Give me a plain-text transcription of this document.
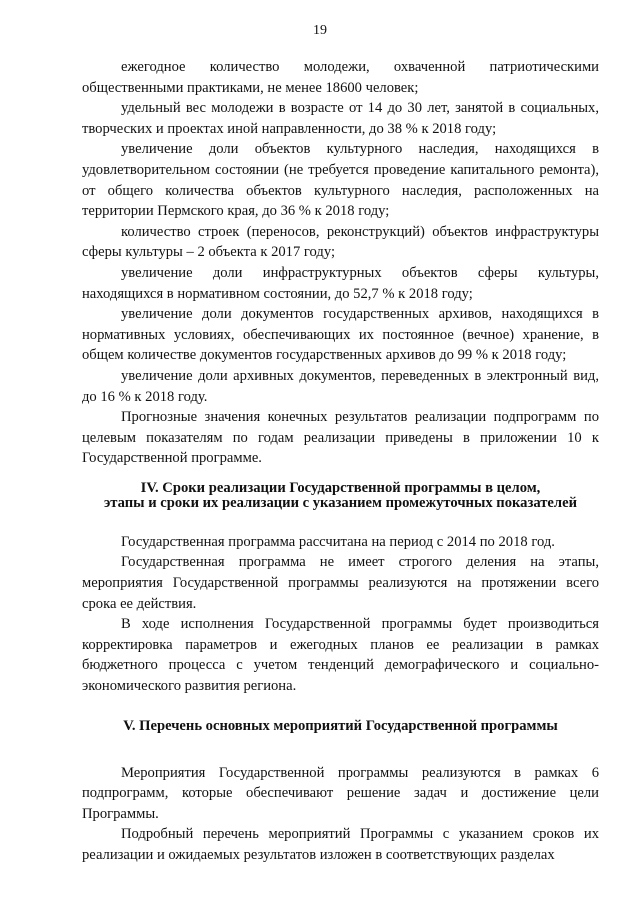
19

ежегодное количество молодежи, охваченной патриотическими общественными практиками, не менее 18600 человек;

удельный вес молодежи в возрасте от 14 до 30 лет, занятой в социальных, творческих и проектах иной направленности, до 38 % к 2018 году;

увеличение доли объектов культурного наследия, находящихся в удовлетворительном состоянии (не требуется проведение капитального ремонта), от общего количества объектов культурного наследия, расположенных на территории Пермского края, до 36 % к 2018 году;

количество строек (переносов, реконструкций) объектов инфраструктуры сферы культуры – 2 объекта к 2017 году;

увеличение доли инфраструктурных объектов сферы культуры, находящихся в нормативном состоянии, до 52,7 % к 2018 году;

увеличение доли документов государственных архивов, находящихся в нормативных условиях, обеспечивающих их постоянное (вечное) хранение, в общем количестве документов государственных архивов до 99 % к 2018 году;

увеличение доли архивных документов, переведенных в электронный вид, до 16 % к 2018 году.

Прогнозные значения конечных результатов реализации подпрограмм по целевым показателям по годам реализации приведены в приложении 10 к Государственной программе.

IV. Сроки реализации Государственной программы в целом,
этапы и сроки их реализации с указанием промежуточных показателей

Государственная программа рассчитана на период с 2014 по 2018 год.

Государственная программа не имеет строгого деления на этапы, мероприятия Государственной программы реализуются на протяжении всего срока ее действия.

В ходе исполнения Государственной программы будет производиться корректировка параметров и ежегодных планов ее реализации в рамках бюджетного процесса с учетом тенденций демографического и социально-экономического развития региона.

V. Перечень основных мероприятий Государственной программы

Мероприятия Государственной программы реализуются в рамках 6 подпрограмм, которые обеспечивают решение задач и достижение цели Программы.

Подробный перечень мероприятий Программы с указанием сроков их реализации и ожидаемых результатов изложен в соответствующих разделах
